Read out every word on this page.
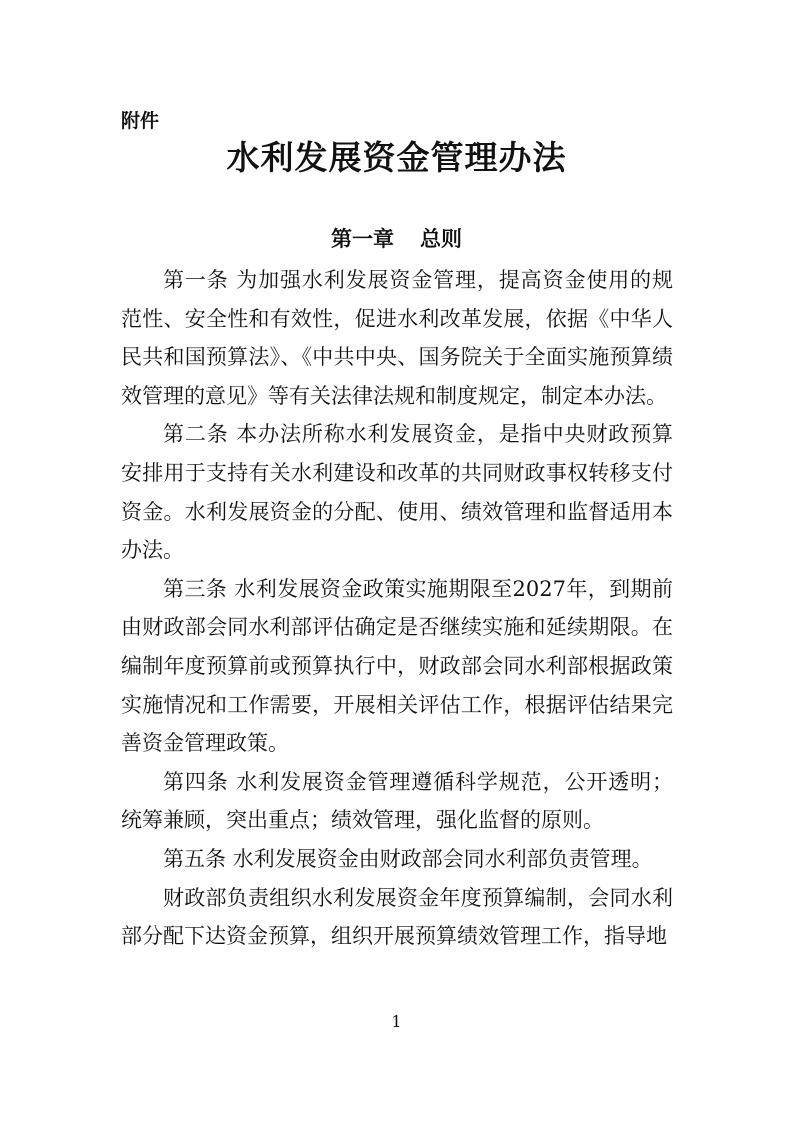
附件
水利发展资金管理办法
第一章 总则

第一条 为加强水利发展资金管理，提高资金使用的规范性、安全性和有效性，促进水利改革发展，依据《中华人民共和国预算法》、《中共中央、国务院关于全面实施预算绩效管理的意见》等有关法律法规和制度规定，制定本办法。

第二条 本办法所称水利发展资金，是指中央财政预算安排用于支持有关水利建设和改革的共同财政事权转移支付资金。水利发展资金的分配、使用、绩效管理和监督适用本办法。

第三条 水利发展资金政策实施期限至2027年，到期前由财政部会同水利部评估确定是否继续实施和延续期限。在编制年度预算前或预算执行中，财政部会同水利部根据政策实施情况和工作需要，开展相关评估工作，根据评估结果完善资金管理政策。

第四条 水利发展资金管理遵循科学规范，公开透明；统筹兼顾，突出重点；绩效管理，强化监督的原则。

第五条 水利发展资金由财政部会同水利部负责管理。

财政部负责组织水利发展资金年度预算编制，会同水利部分配下达资金预算，组织开展预算绩效管理工作，指导地

1
